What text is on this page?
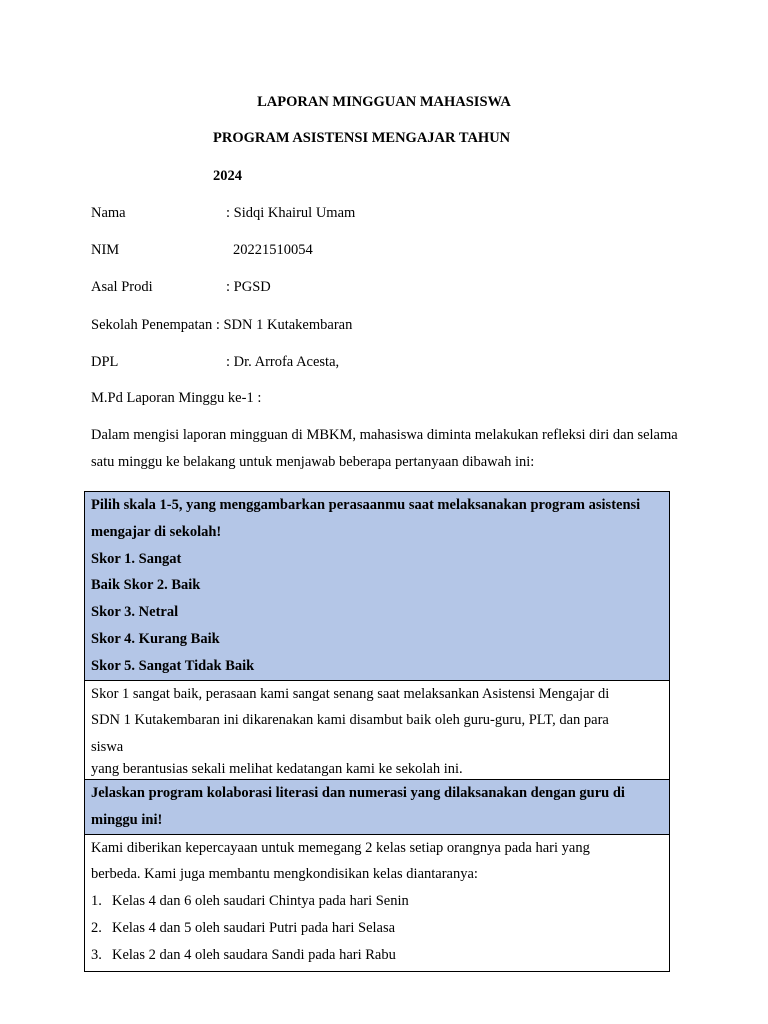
LAPORAN MINGGUAN MAHASISWA
PROGRAM ASISTENSI MENGAJAR TAHUN
2024
Nama	: Sidqi Khairul Umam
NIM	20221510054
Asal Prodi	: PGSD
Sekolah Penempatan : SDN 1 Kutakembaran
DPL	: Dr. Arrofa Acesta,
M.Pd Laporan Minggu ke-1 :
Dalam mengisi laporan mingguan di MBKM, mahasiswa diminta melakukan refleksi diri dan selama satu minggu ke belakang untuk menjawab beberapa pertanyaan dibawah ini:
Pilih skala 1-5, yang menggambarkan perasaanmu saat melaksanakan program asistensi
mengajar di sekolah!
Skor 1. Sangat
Baik Skor 2. Baik
Skor 3. Netral
Skor 4. Kurang Baik
Skor 5. Sangat Tidak Baik
Skor 1 sangat baik, perasaan kami sangat senang saat melaksankan Asistensi Mengajar di
SDN 1 Kutakembaran ini dikarenakan kami disambut baik oleh guru-guru, PLT, dan para
siswa
yang berantusias sekali melihat kedatangan kami ke sekolah ini.
Jelaskan program kolaborasi literasi dan numerasi yang dilaksanakan dengan guru di
minggu ini!
Kami diberikan kepercayaan untuk memegang 2 kelas setiap orangnya pada hari yang
berbeda. Kami juga membantu mengkondisikan kelas diantaranya:
1. Kelas 4 dan 6 oleh saudari Chintya pada hari Senin
2. Kelas 4 dan 5 oleh saudari Putri pada hari Selasa
3. Kelas 2 dan 4 oleh saudara Sandi pada hari Rabu
